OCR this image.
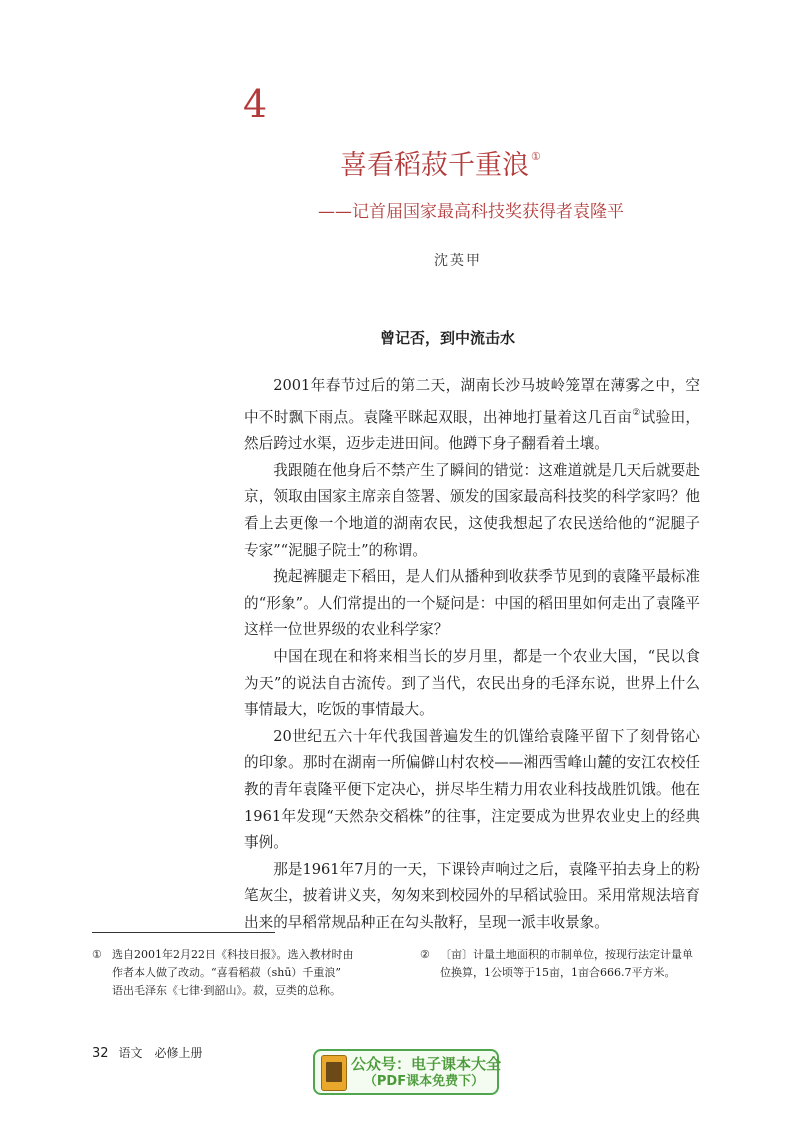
4
喜看稻菽千重浪 ①
——记首届国家最高科技奖获得者袁隆平
沈英甲
曾记否，到中流击水

2001年春节过后的第二天，湖南长沙马坡岭笼罩在薄雾之中，空中不时飘下雨点。袁隆平眯起双眼，出神地打量着这几百亩②试验田，然后跨过水渠，迈步走进田间。他蹲下身子翻看着土壤。

我跟随在他身后不禁产生了瞬间的错觉：这难道就是几天后就要赴京，领取由国家主席亲自签署、颁发的国家最高科技奖的科学家吗？他看上去更像一个地道的湖南农民，这使我想起了农民送给他的“泥腿子专家”“泥腿子院士”的称谓。

挽起裤腿走下稻田，是人们从播种到收获季节见到的袁隆平最标准的“形象”。人们常提出的一个疑问是：中国的稻田里如何走出了袁隆平这样一位世界级的农业科学家？

中国在现在和将来相当长的岁月里，都是一个农业大国，“民以食为天”的说法自古流传。到了当代，农民出身的毛泽东说，世界上什么事情最大，吃饭的事情最大。

20世纪五六十年代我国普遍发生的饥馑给袁隆平留下了刻骨铭心的印象。那时在湖南一所偏僻山村农校——湘西雪峰山麓的安江农校任教的青年袁隆平便下定决心，拼尽毕生精力用农业科技战胜饥饿。他在1961年发现“天然杂交稻株”的往事，注定要成为世界农业史上的经典事例。

那是1961年7月的一天，下课铃声响过之后，袁隆平拍去身上的粉笔灰尘，披着讲义夹，匆匆来到校园外的早稻试验田。采用常规法培育出来的早稻常规品种正在勾头散籽，呈现一派丰收景象。

① 选自2001年2月22日《科技日报》。选入教材时由
作者本人做了改动。“喜看稻菽（shū）千重浪”
语出毛泽东《七律·到韶山》。菽，豆类的总称。
② 〔亩〕计量土地面积的市制单位，按现行法定计量单
位换算，1公顷等于15亩，1亩合666.7平方米。
32 语文　必修上册
公众号：电子课本大全
（PDF课本免费下）
